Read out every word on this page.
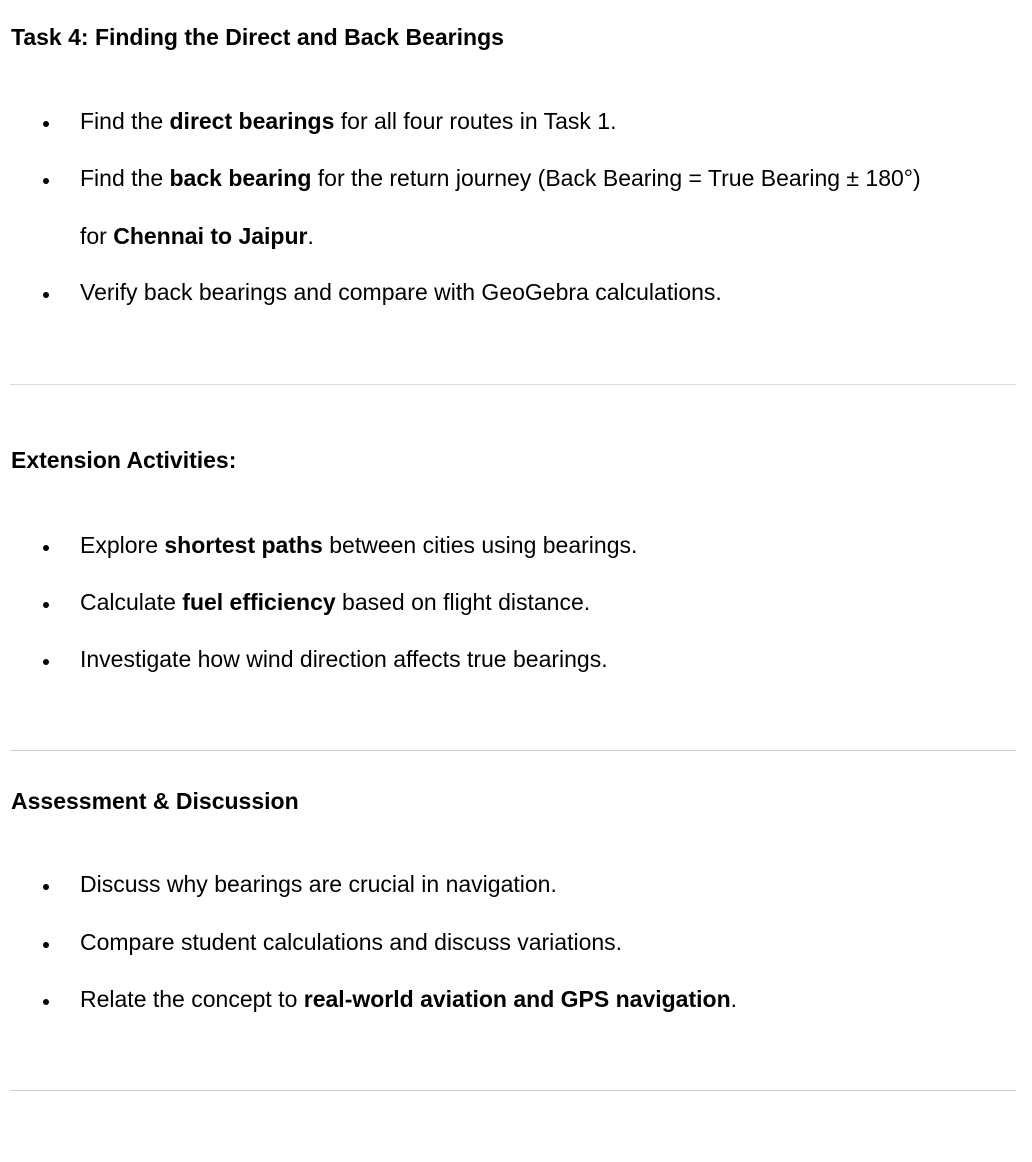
Task 4: Finding the Direct and Back Bearings
Find the direct bearings for all four routes in Task 1.
Find the back bearing for the return journey (Back Bearing = True Bearing ± 180°)
for Chennai to Jaipur.
Verify back bearings and compare with GeoGebra calculations.
Extension Activities:
Explore shortest paths between cities using bearings.
Calculate fuel efficiency based on flight distance.
Investigate how wind direction affects true bearings.
Assessment & Discussion
Discuss why bearings are crucial in navigation.
Compare student calculations and discuss variations.
Relate the concept to real-world aviation and GPS navigation.
